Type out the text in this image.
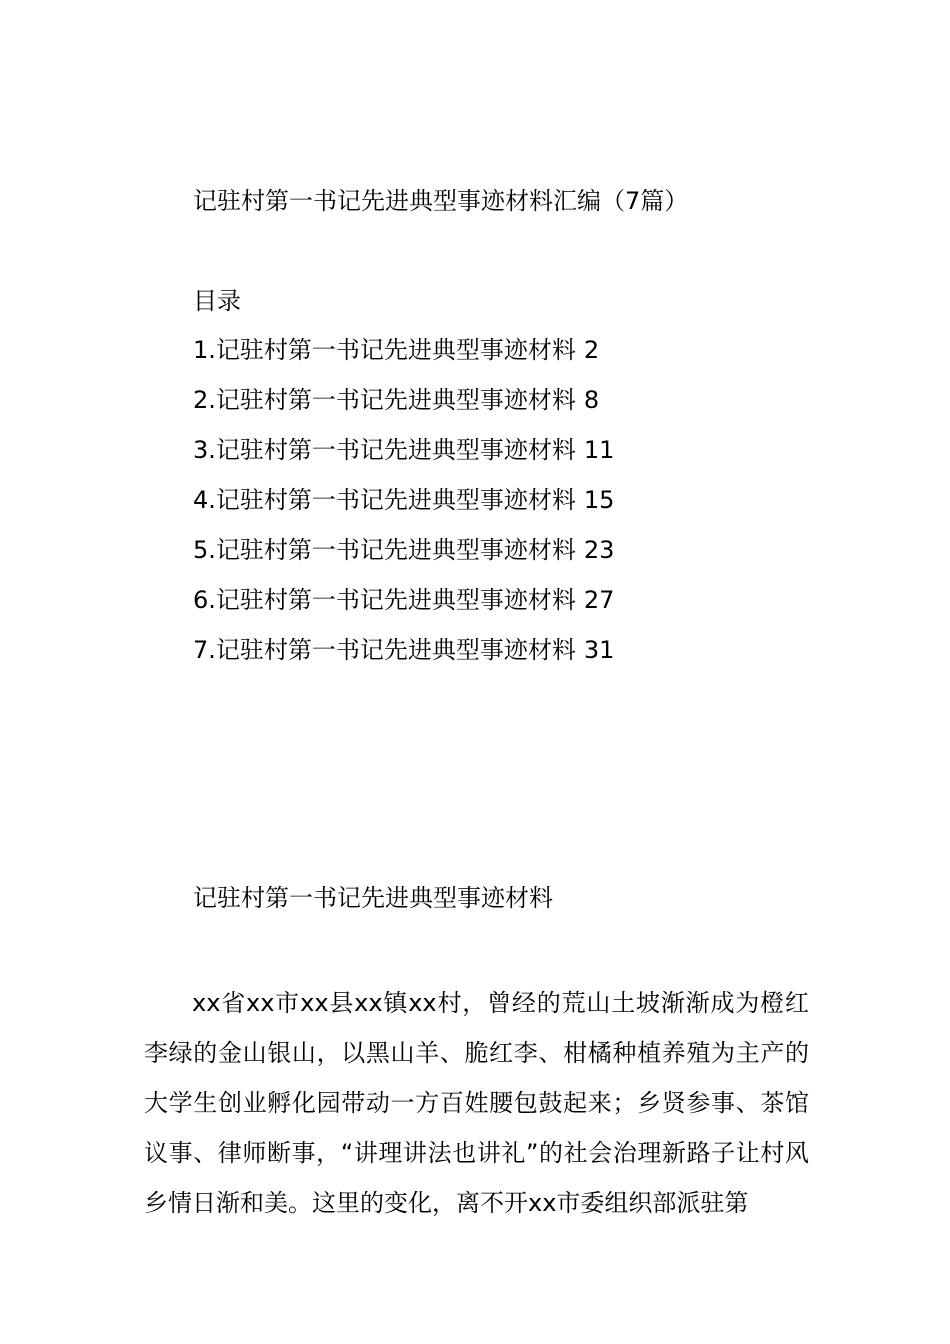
记驻村第一书记先进典型事迹材料汇编（7篇）
目录
1.记驻村第一书记先进典型事迹材料 2
2.记驻村第一书记先进典型事迹材料 8
3.记驻村第一书记先进典型事迹材料 11
4.记驻村第一书记先进典型事迹材料 15
5.记驻村第一书记先进典型事迹材料 23
6.记驻村第一书记先进典型事迹材料 27
7.记驻村第一书记先进典型事迹材料 31
记驻村第一书记先进典型事迹材料

xx省xx市xx县xx镇xx村，曾经的荒山土坡渐渐成为橙红李绿的金山银山，以黑山羊、脆红李、柑橘种植养殖为主产的大学生创业孵化园带动一方百姓腰包鼓起来；乡贤参事、茶馆议事、律师断事，“讲理讲法也讲礼”的社会治理新路子让村风乡情日渐和美。这里的变化，离不开xx市委组织部派驻第
